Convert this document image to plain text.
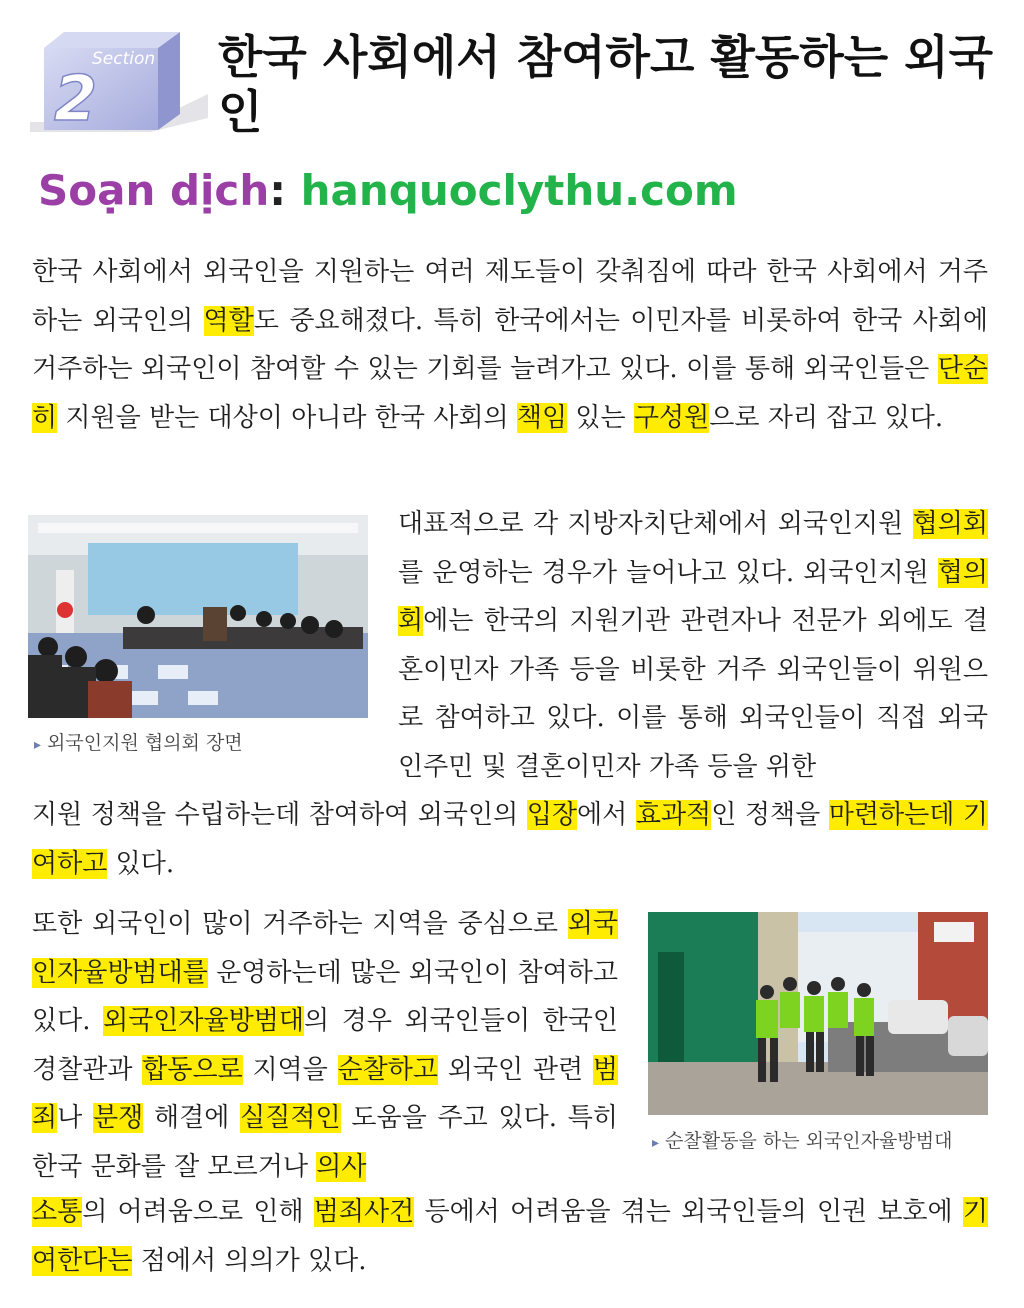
Section
2
한국 사회에서 참여하고 활동하는 외국인

Soạn dịch: hanquoclythu.com

한국 사회에서 외국인을 지원하는 여러 제도들이 갖춰짐에 따라 한국 사회에서 거주하는 외국인의 역할도 중요해졌다. 특히 한국에서는 이민자를 비롯하여 한국 사회에 거주하는 외국인이 참여할 수 있는 기회를 늘려가고 있다. 이를 통해 외국인들은 단순히 지원을 받는 대상이 아니라 한국 사회의 책임 있는 구성원으로 자리 잡고 있다.

▸ 외국인지원 협의회 장면

대표적으로 각 지방자치단체에서 외국인지원 협의회를 운영하는 경우가 늘어나고 있다. 외국인지원 협의회에는 한국의 지원기관 관련자나 전문가 외에도 결혼이민자 가족 등을 비롯한 거주 외국인들이 위원으로 참여하고 있다. 이를 통해 외국인들이 직접 외국인주민 및 결혼이민자 가족 등을 위한

지원 정책을 수립하는데 참여하여 외국인의 입장에서 효과적인 정책을 마련하는데 기여하고 있다.

또한 외국인이 많이 거주하는 지역을 중심으로 외국인자율방범대를 운영하는데 많은 외국인이 참여하고 있다. 외국인자율방범대의 경우 외국인들이 한국인 경찰관과 합동으로 지역을 순찰하고 외국인 관련 범죄나 분쟁 해결에 실질적인 도움을 주고 있다. 특히 한국 문화를 잘 모르거나 의사

▸ 순찰활동을 하는 외국인자율방범대

소통의 어려움으로 인해 범죄사건 등에서 어려움을 겪는 외국인들의 인권 보호에 기여한다는 점에서 의의가 있다.
